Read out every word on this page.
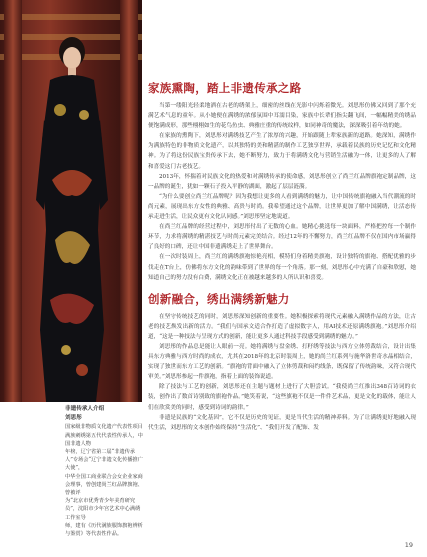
非遗传承人介绍

刘思彤

国家级非物质文化遗产代表性项目满族刺绣第五代代表性传承人，中国非遗人物

年榜，辽宁省第二届“非遗传承人”专场会“辽宁非遗文化传播推广大使”，

中华全国工商业联合会女企业家商会理事，曾创建尚兰红品牌旗袍、曾被评

为“北京市优秀青少年美育研究员”，沈阳市少年宫艺术中心满绣工作室导

师，建有《历代满族服饰旗袍辨析与鉴赏》等代表性作品。

家族熏陶，踏上非遗传承之路

当第一缕阳光轻柔地洒在古老的绣架上，细密的丝线在光影中闪烁着微光。刘思彤仿佛又回到了那个充满艺术气息的童年。从小她便在满绣的浓郁氛围中耳濡目染，家族中长辈们指尖翻飞间，一幅幅精美的绣品便饱满成形，那些栩栩如生的花鸟鱼虫、典雅庄重的传统纹样，如同神奇的魔法，深深吸引着年幼的她。

在家族的熏陶下，刘思彤对满绣技艺产生了浓厚的兴趣，开始跟随上辈家族新的道路。她深知，满绣作为满族特色的非物质文化遗产，以其独特的美和精湛的制作工艺独享世界，承载着民族的历史记忆和文化精神。为了将这份民族宝贵传承下去，她不断努力，致力于将满绣文化与营销生活融为一体，让更多的人了解和喜爱这门古老技艺。

2013年，怀揣着对民族文化的热爱和对满绣传承的使命感，刘思彤创立了尚兰红品牌旗袍定制品牌，这一品牌的诞生，犹如一颗石子投入平静的湖面，激起了层层涟漪。

“为什么要创立尚兰红品牌呢？因为我想让更多的人看到满绣的魅力，让中国传统旗袍融入当代潮流的时尚元素，展现出东方女性的典雅、高贵与时尚。我希望通过这个品牌，让世界更加了解中国满绣，让活态传承走进生活，让民众更有文化认同感。”刘思彤坚定地说道。

在尚兰红品牌的经营过程中，刘思彤付出了无数的心血。她精心挑选每一块面料，严格把控每一个制作环节，力求将满绣的精湛技艺与时尚元素完美结合。经过12年的不懈努力，尚兰红品牌不仅在国内市场赢得了良好的口碑，还让中国非遗满绣走上了世界舞台。

在一次时装周上，尚兰红的满绣旗袍惊艳亮相，模特们身着精美旗袍，设计独特的旗袍、搭配优雅的步伐走在T台上，仿佛将东方文化的韵味带到了世界的每一个角落。那一刻，刘思彤心中充满了自豪和欣慰，她知道自己的努力没有白费，满绣文化正在被越来越多的人所认识和喜爱。

创新融合，绣出满绣新魅力

在坚守传统技艺的同时，刘思彤深知创新的重要性。她积极探索将现代元素融入满绣作品的方法，让古老的技艺焕发出新的活力。“我们与国承文适合作打造了虚拟数字人，用AI技术还原满绣旗袍。”刘思彤介绍道，“这是一种技法与呈现方式的创新，能让更多人通过科技手段感受到满绣的魅力。”

刘思彤的作品总是能让人眼前一亮。她将满绣与盘金绣、打籽绣等技法与西方立体剪裁结合，设计出集具东方典雅与西方时尚的成衣，尤其在2018年的北京时装周上，她的尚兰红系列与施华洛世奇水晶相结合，实现了独世而东方工艺的创新。“旗袍的背面中融入了立体剪裁和闷约线条，既保留了传统韵味，又符合现代审美。”刘思彤参起一件旗袍，指着上面的装饰说道。

除了技法与工艺的创新，刘思彤还在主题与题材上进行了大胆尝试。“我使尚兰红推出348百诗词的衣装，创作出了数首诗别致的旗袍作品。”她笑着说，“这些旗袍不仅是一件件艺术品，更是文化的载体，能让人们在欣赏美的同时，感受到诗词的韵律。”

非遗是民族的“文化基因”，它不仅是历史的见证，更是当代生活的精神养料。为了让满绣更好地融入现代生活，刘思彤的文本创作始终保持“生活化”、“我们开发了配饰、发

19
